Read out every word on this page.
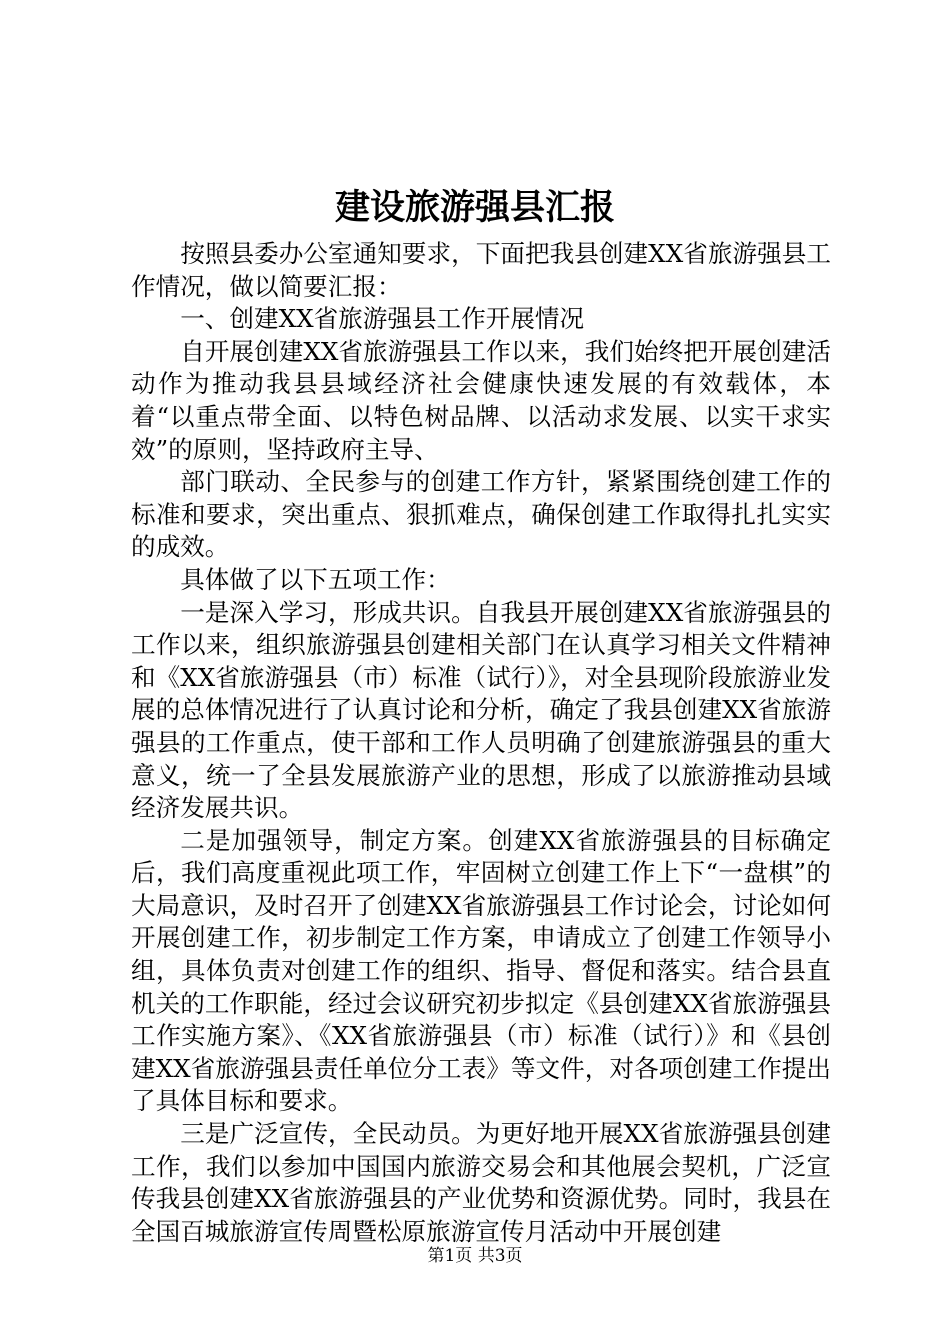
建设旅游强县汇报

按照县委办公室通知要求，下面把我县创建XX省旅游强县工作情况，做以简要汇报：

一、创建XX省旅游强县工作开展情况

自开展创建XX省旅游强县工作以来，我们始终把开展创建活动作为推动我县县域经济社会健康快速发展的有效载体，本着“以重点带全面、以特色树品牌、以活动求发展、以实干求实效”的原则，坚持政府主导、

部门联动、全民参与的创建工作方针，紧紧围绕创建工作的标准和要求，突出重点、狠抓难点，确保创建工作取得扎扎实实的成效。

具体做了以下五项工作：

一是深入学习，形成共识。自我县开展创建XX省旅游强县的工作以来，组织旅游强县创建相关部门在认真学习相关文件精神和《XX省旅游强县（市）标准（试行）》，对全县现阶段旅游业发展的总体情况进行了认真讨论和分析，确定了我县创建XX省旅游强县的工作重点，使干部和工作人员明确了创建旅游强县的重大意义，统一了全县发展旅游产业的思想，形成了以旅游推动县域经济发展共识。

二是加强领导，制定方案。创建XX省旅游强县的目标确定后，我们高度重视此项工作，牢固树立创建工作上下“一盘棋”的大局意识，及时召开了创建XX省旅游强县工作讨论会，讨论如何开展创建工作，初步制定工作方案，申请成立了创建工作领导小组，具体负责对创建工作的组织、指导、督促和落实。结合县直机关的工作职能，经过会议研究初步拟定《县创建XX省旅游强县工作实施方案》、《XX省旅游强县（市）标准（试行）》和《县创建XX省旅游强县责任单位分工表》等文件，对各项创建工作提出了具体目标和要求。

三是广泛宣传，全民动员。为更好地开展XX省旅游强县创建工作，我们以参加中国国内旅游交易会和其他展会契机，广泛宣传我县创建XX省旅游强县的产业优势和资源优势。同时，我县在全国百城旅游宣传周暨松原旅游宣传月活动中开展创建

第1页 共3页
